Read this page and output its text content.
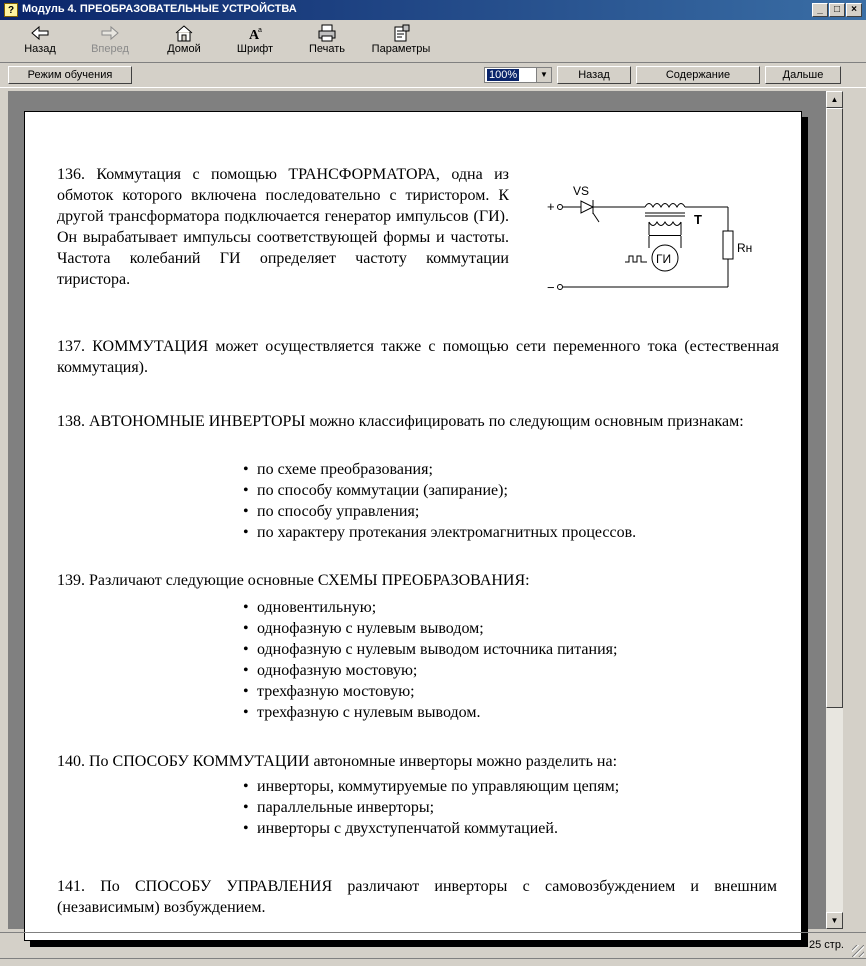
? Модуль 4. ПРЕОБРАЗОВАТЕЛЬНЫЕ УСТРОЙСТВА	_	□	×
Назад	Вперед	Домой
A
a
Шрифт	Печать	Параметры
Режим обучения	100%	▼	Назад	Содержание	Дальше
136. Коммутация с помощью ТРАНСФОРМАТОРА, одна из обмоток которого включена последовательно с тиристором. К другой трансформатора подключается генератор импульсов (ГИ). Он вырабатывает импульсы соответствующей формы и частоты. Частота колебаний ГИ определяет частоту коммутации тиристора.
+
VS
T
Rн
ГИ
−
137. КОММУТАЦИЯ может осуществляется также с помощью сети переменного тока (естественная коммутация).
138. АВТОНОМНЫЕ ИНВЕРТОРЫ можно классифицировать по следующим основным признакам:
• по схеме преобразования;
• по способу коммутации (запирание);
• по способу управления;
• по характеру протекания электромагнитных процессов.
139. Различают следующие основные СХЕМЫ ПРЕОБРАЗОВАНИЯ:
• одновентильную;
• однофазную с нулевым выводом;
• однофазную с нулевым выводом источника питания;
• однофазную мостовую;
• трехфазную мостовую;
• трехфазную с нулевым выводом.
140. По СПОСОБУ КОММУТАЦИИ автономные инверторы можно разделить на:
• инверторы, коммутируемые по управляющим цепям;
• параллельные инверторы;
• инверторы с двухступенчатой коммутацией.
141. По СПОСОБУ УПРАВЛЕНИЯ различают инверторы с самовозбуждением и внешним (независимым) возбуждением.
▲
▼
25 стр.
